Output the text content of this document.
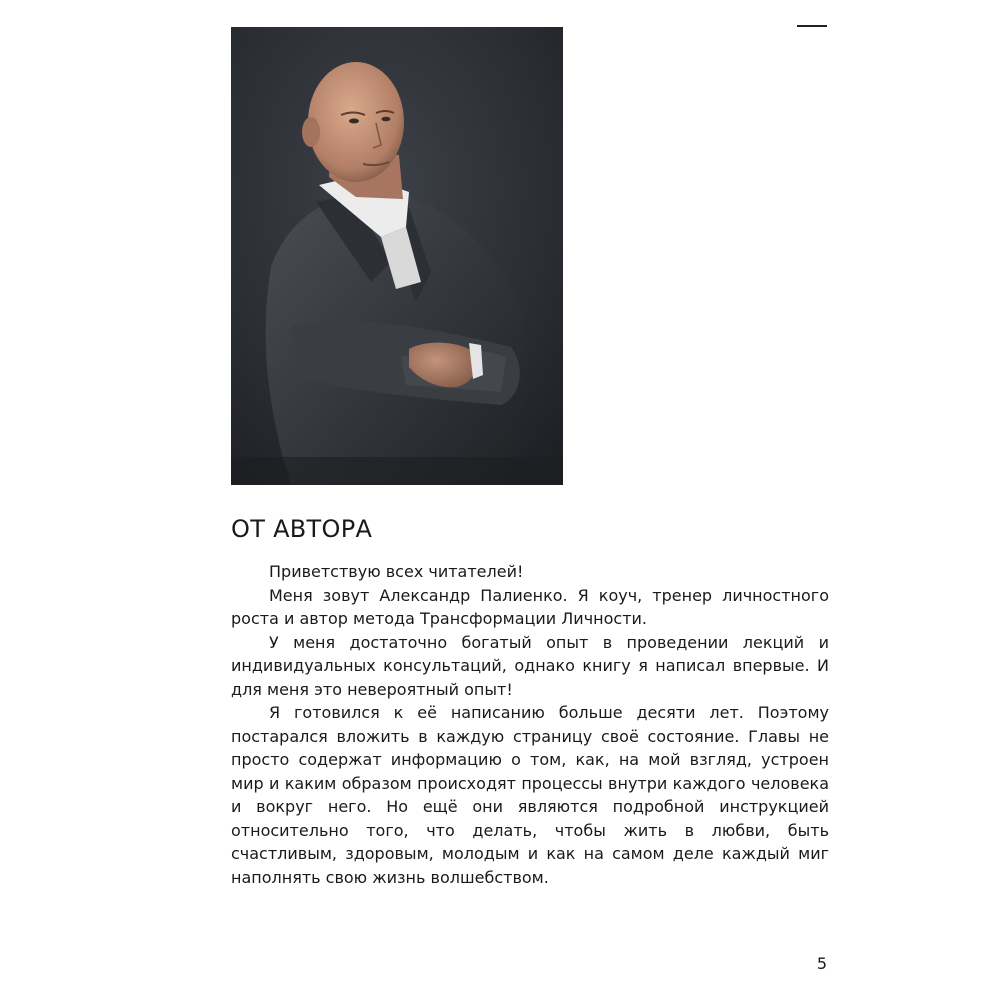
ОТ АВТОРА

Приветствую всех читателей!

Меня зовут Александр Палиенко. Я коуч, тренер личностного роста и автор метода Трансформации Личности.

У меня достаточно богатый опыт в проведении лекций и индивидуальных консультаций, однако книгу я написал впервые. И для меня это невероятный опыт!

Я готовился к её написанию больше десяти лет. Поэтому постарался вложить в каждую страницу своё состояние. Главы не просто содержат информацию о том, как, на мой взгляд, устроен мир и каким образом происходят процессы внутри каждого человека и вокруг него. Но ещё они являются подробной инструкцией относительно того, что делать, чтобы жить в любви, быть счастливым, здоровым, молодым и как на самом деле каждый миг наполнять свою жизнь волшебством.

5
